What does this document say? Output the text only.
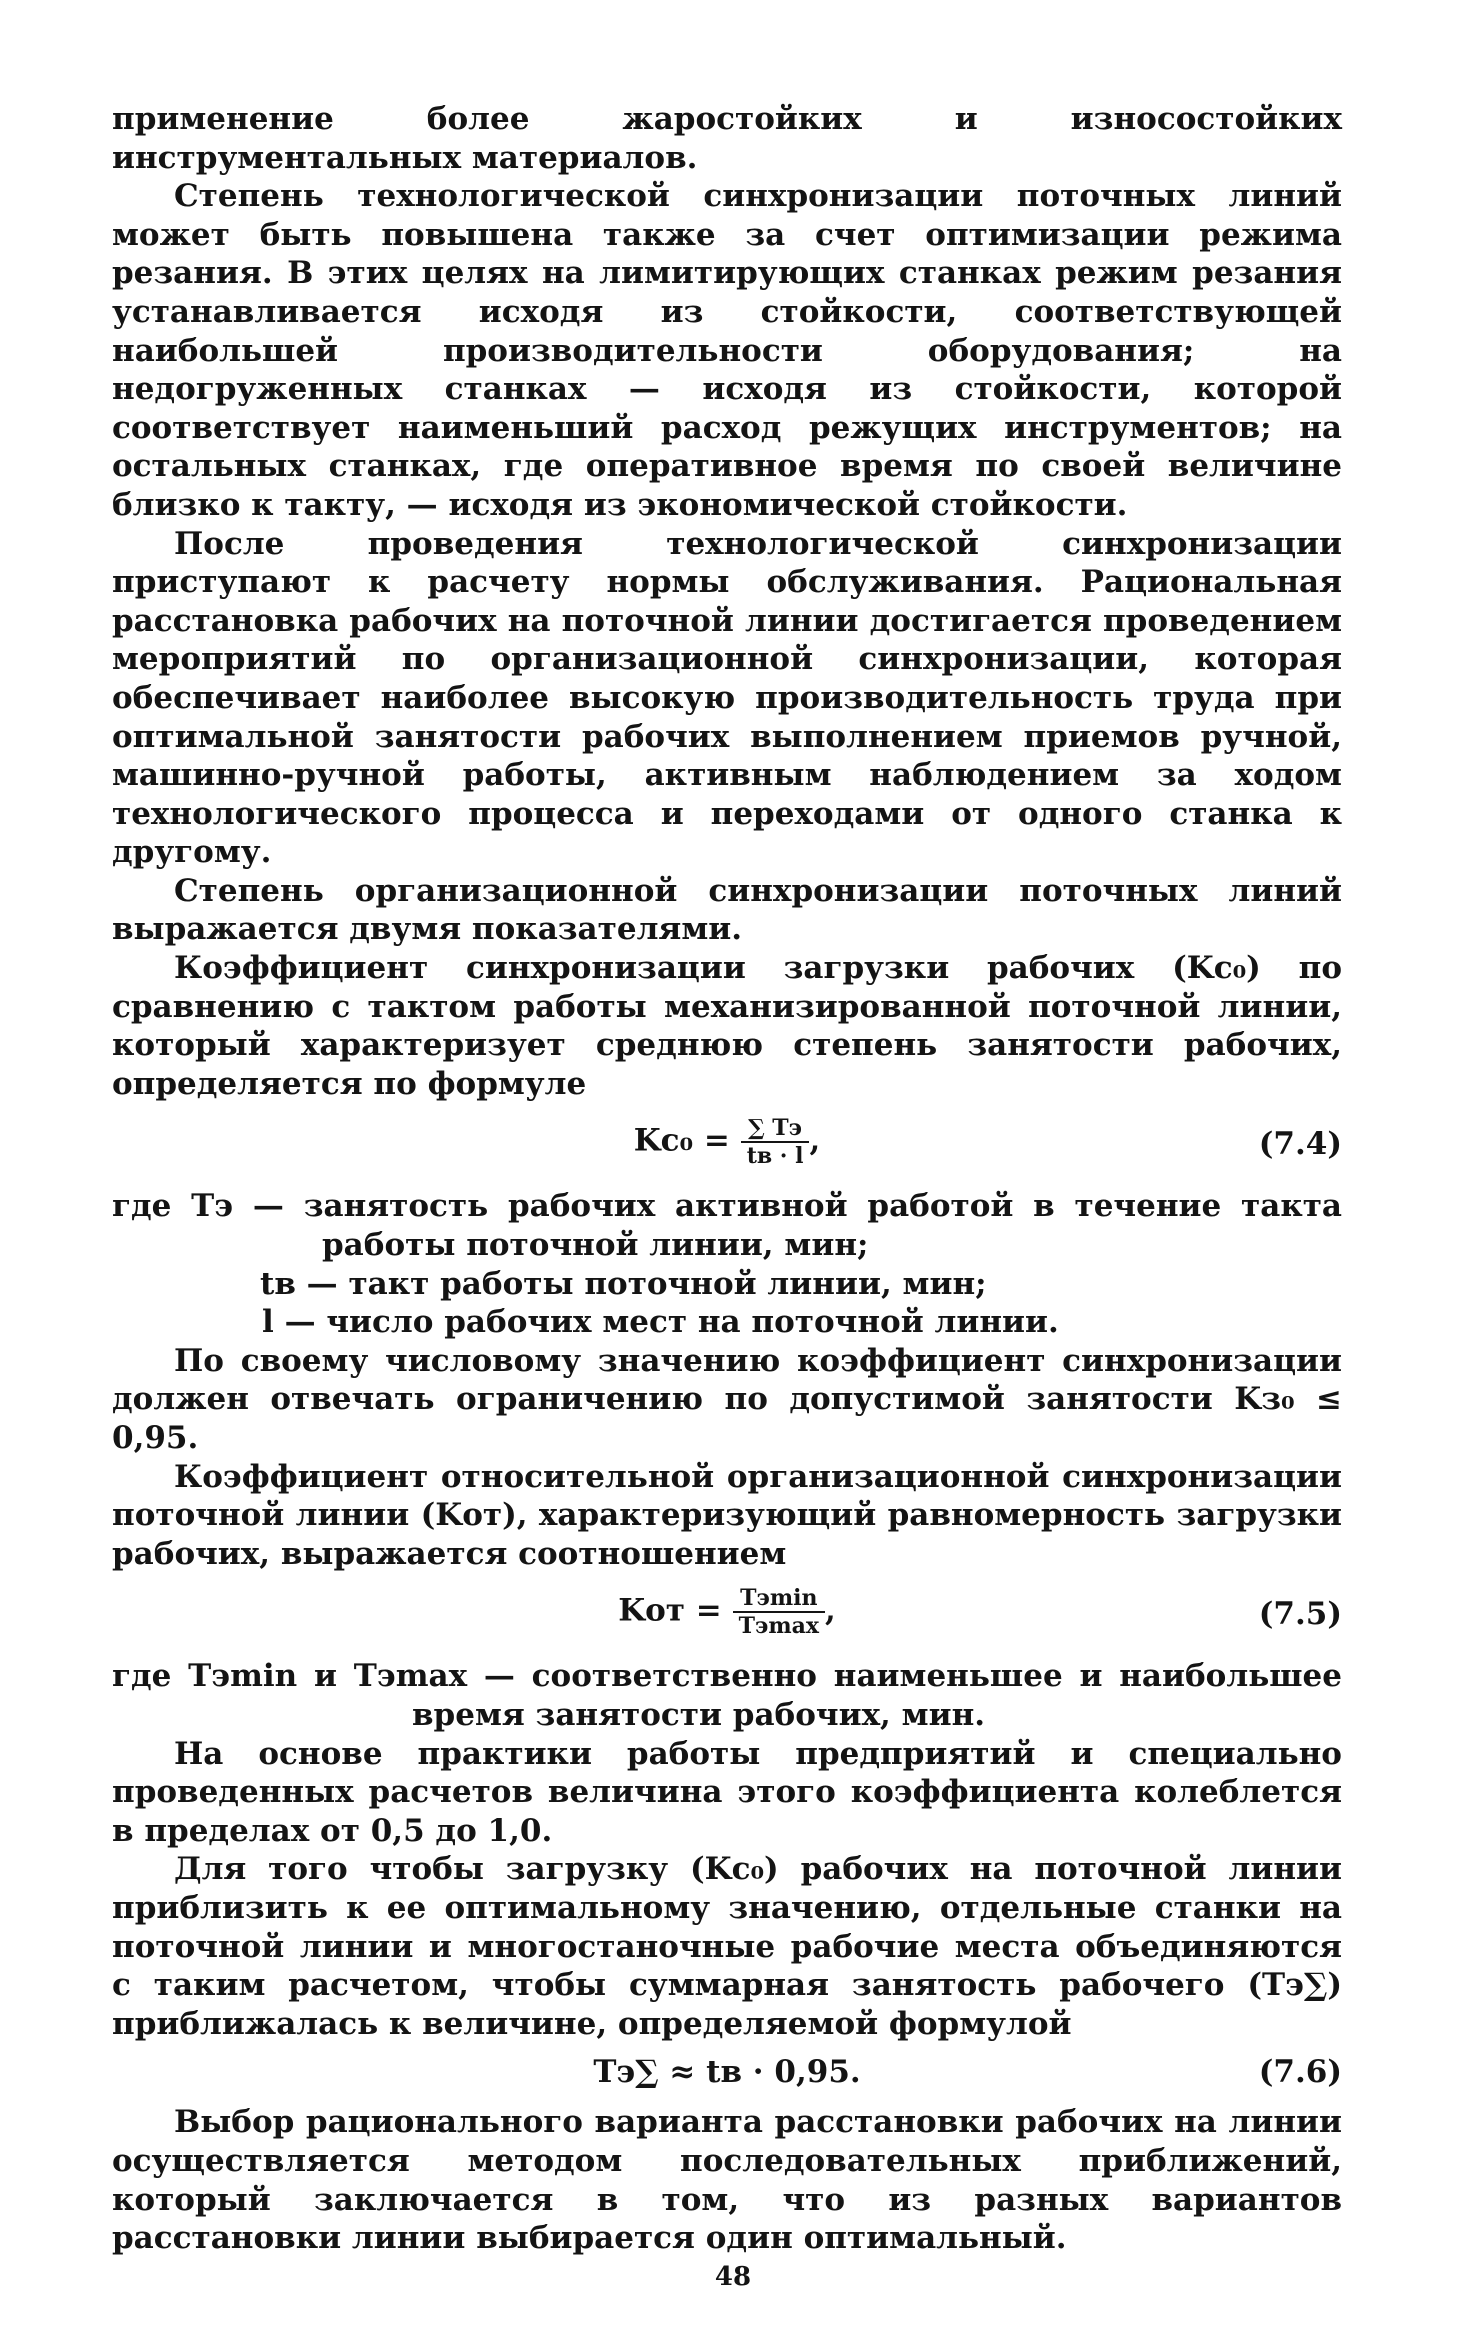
применение более жаростойких и износостойких инструментальных материалов.

Степень технологической синхронизации поточных линий может быть повышена также за счет оптимизации режима резания. В этих целях на лимитирующих станках режим резания устанавливается исходя из стойкости, соответствующей наибольшей производительности оборудования; на недогруженных станках — исходя из стойкости, которой соответствует наименьший расход режущих инструментов; на остальных станках, где оперативное время по своей величине близко к такту, — исходя из экономической стойкости.

После проведения технологической синхронизации приступают к расчету нормы обслуживания. Рациональная расстановка рабочих на поточной линии достигается проведением мероприятий по организационной синхронизации, которая обеспечивает наиболее высокую производительность труда при оптимальной занятости рабочих выполнением приемов ручной, машинно-ручной работы, активным наблюдением за ходом технологического процесса и переходами от одного станка к другому.

Степень организационной синхронизации поточных линий выражается двумя показателями.

Коэффициент синхронизации загрузки рабочих (Kc₀) по сравнению с тактом работы механизированной поточной линии, который характеризует среднюю степень занятости рабочих, определяется по формуле

$Kc_0 = \frac{\sum Tэ}{tв \cdot l}$ ,	(7.4)

где Tэ — занятость рабочих активной работой в течение такта работы поточной линии, мин;

tв — такт работы поточной линии, мин;

l — число рабочих мест на поточной линии.

По своему числовому значению коэффициент синхронизации должен отвечать ограничению по допустимой занятости Kз₀ ≤ 0,95.

Коэффициент относительной организационной синхронизации поточной линии (Kот), характеризующий равномерность загрузки рабочих, выражается соотношением

Kот = $\frac{Tэ\min}{Tэ\max}$ ,	(7.5)

где Tэmin и Tэmax — соответственно наименьшее и наибольшее время занятости рабочих, мин.

На основе практики работы предприятий и специально проведенных расчетов величина этого коэффициента колеблется в пределах от 0,5 до 1,0.

Для того чтобы загрузку (Kc₀) рабочих на поточной линии приблизить к ее оптимальному значению, отдельные станки на поточной линии и многостаночные рабочие места объединяются с таким расчетом, чтобы суммарная занятость рабочего (Tэ∑) приближалась к величине, определяемой формулой

Tэ∑ ≈ tв · 0,95.	(7.6)

Выбор рационального варианта расстановки рабочих на линии осуществляется методом последовательных приближений, который заключается в том, что из разных вариантов расстановки линии выбирается один оптимальный.

48
